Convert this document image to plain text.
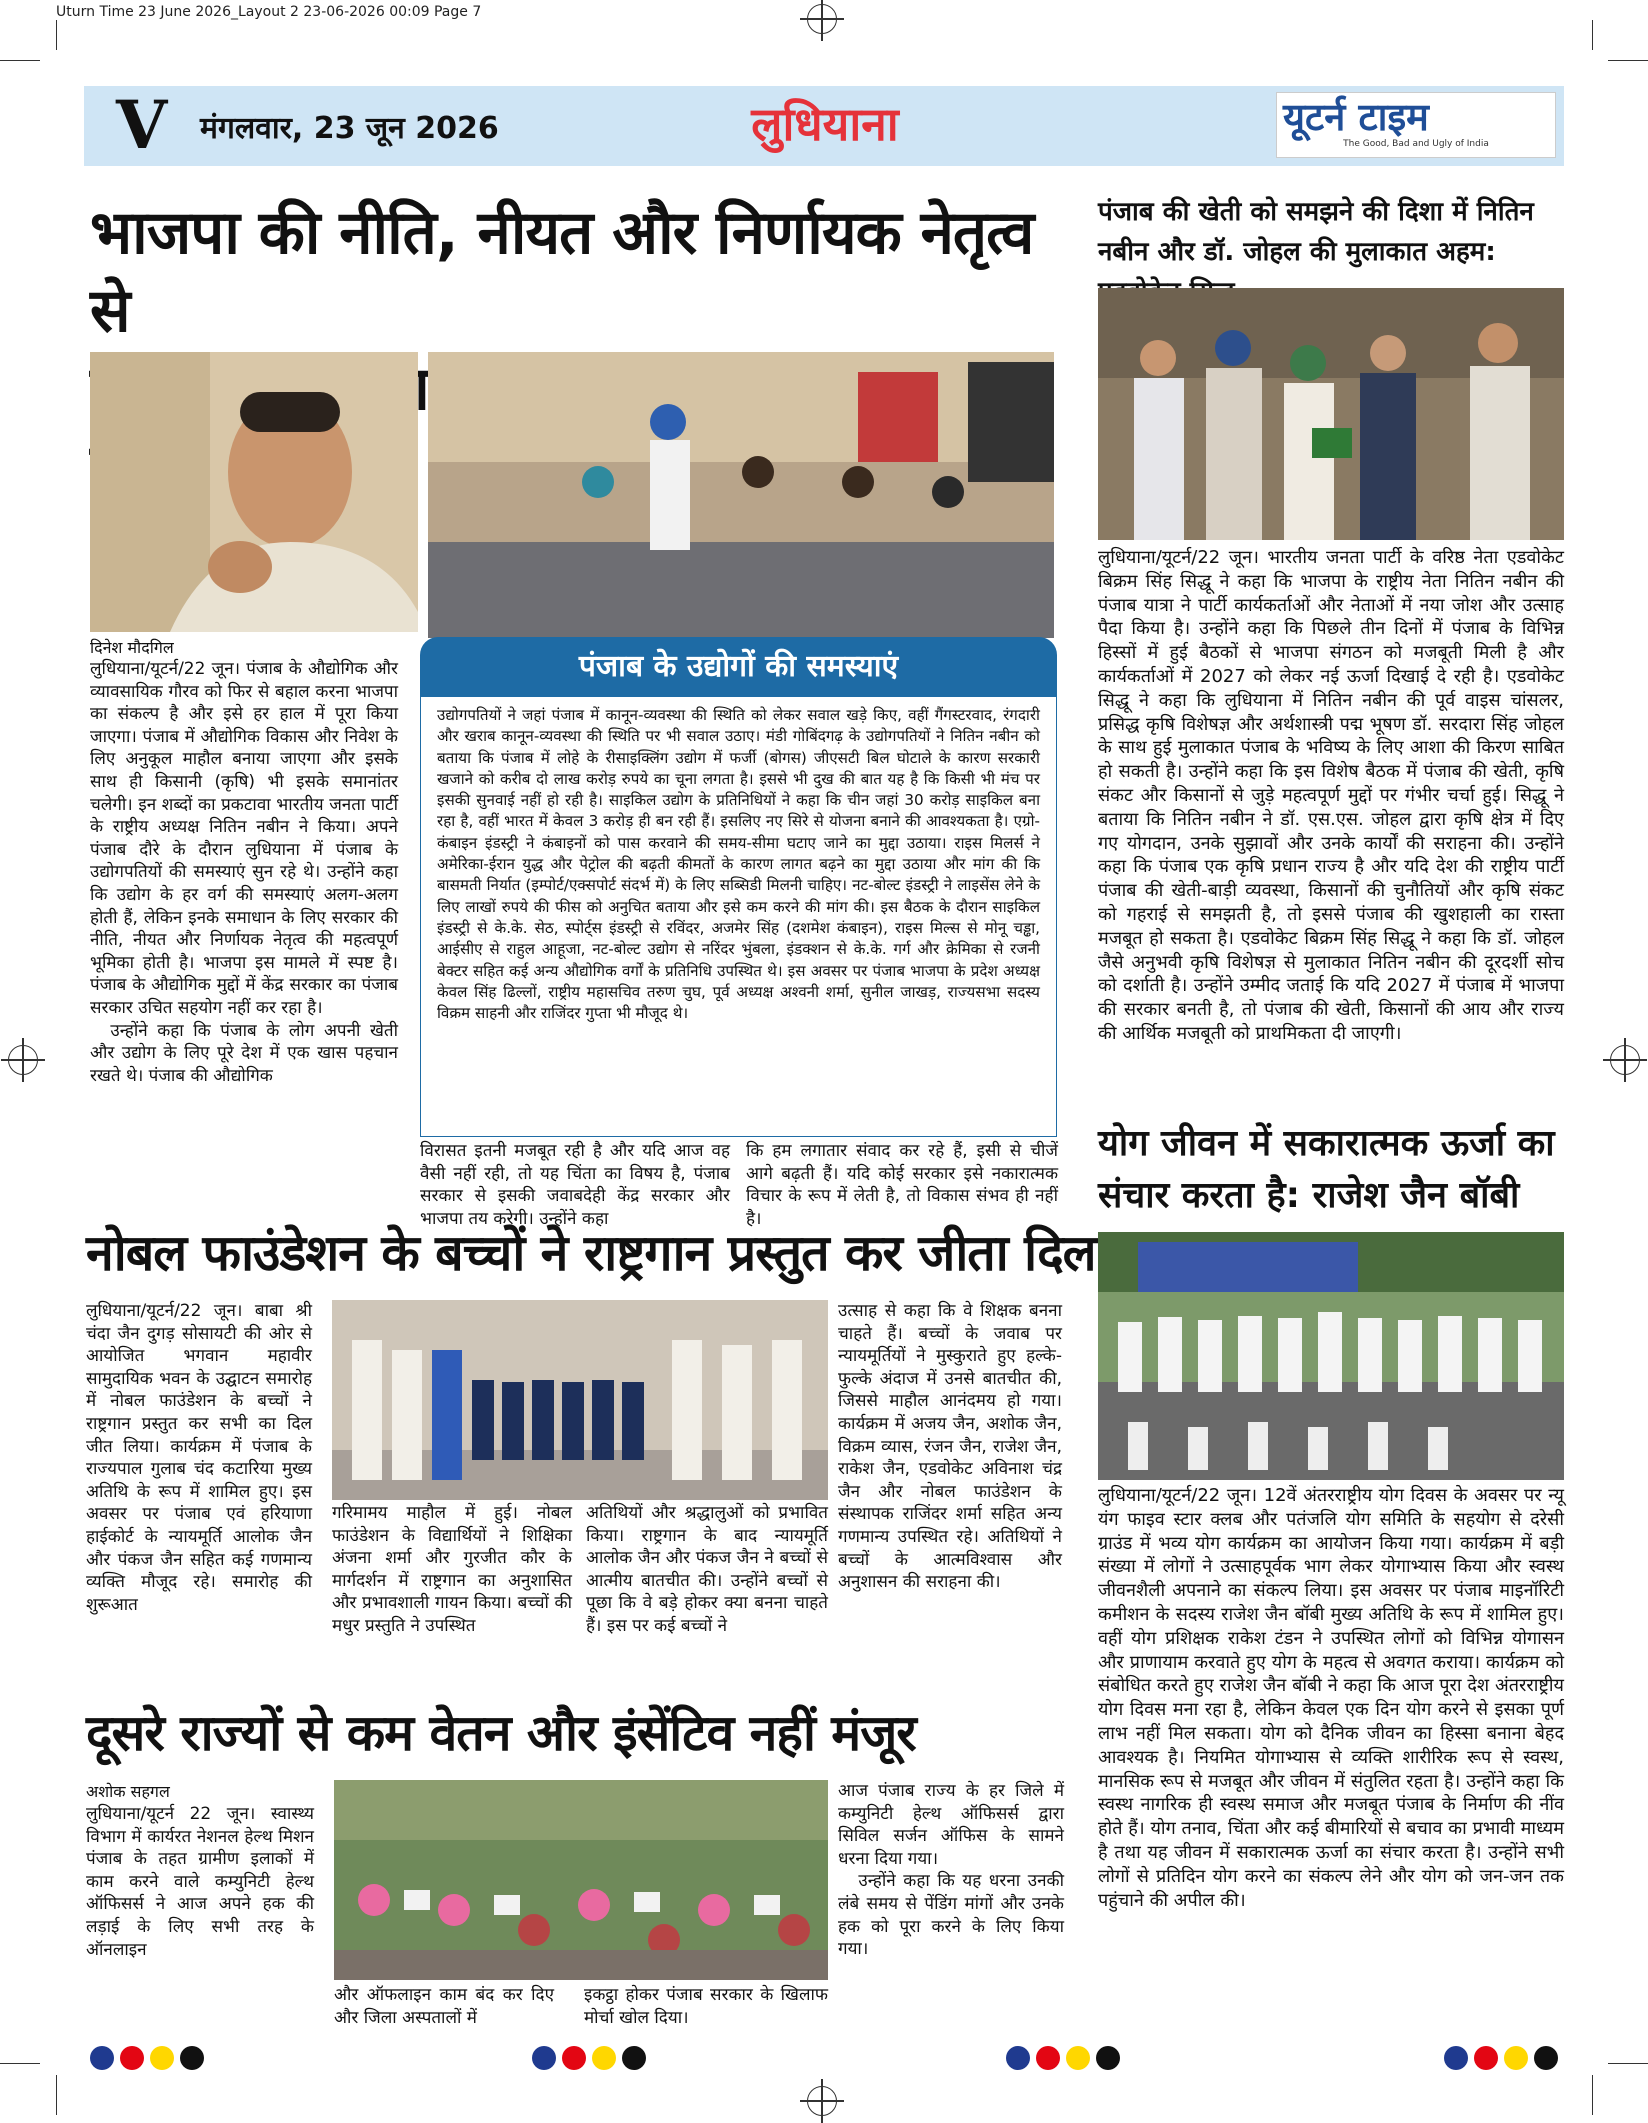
Uturn Time 23 June 2026_Layout 2 23-06-2026 00:09 Page 7
V मंगलवार, 23 जून 2026	लुधियाना	यूटर्न टाइम
The Good, Bad and Ugly of India
भाजपा की नीति, नीयत और निर्णायक नेतृत्व से
दिनेश मौदगिल

लुधियाना/यूटर्न/22 जून। पंजाब के औद्योगिक और व्यावसायिक गौरव को फिर से बहाल करना भाजपा का संकल्प है और इसे हर हाल में पूरा किया जाएगा। पंजाब में औद्योगिक विकास और निवेश के लिए अनुकूल माहौल बनाया जाएगा और इसके साथ ही किसानी (कृषि) भी इसके समानांतर चलेगी। इन शब्दों का प्रकटावा भारतीय जनता पार्टी के राष्ट्रीय अध्यक्ष नितिन नबीन ने किया। अपने पंजाब दौरे के दौरान लुधियाना में पंजाब के उद्योगपतियों की समस्याएं सुन रहे थे। उन्होंने कहा कि उद्योग के हर वर्ग की समस्याएं अलग-अलग होती हैं, लेकिन इनके समाधान के लिए सरकार की नीति, नीयत और निर्णायक नेतृत्व की महत्वपूर्ण भूमिका होती है। भाजपा इस मामले में स्पष्ट है। पंजाब के औद्योगिक मुद्दों में केंद्र सरकार का पंजाब सरकार उचित सहयोग नहीं कर रहा है।

उन्होंने कहा कि पंजाब के लोग अपनी खेती और उद्योग के लिए पूरे देश में एक खास पहचान रखते थे। पंजाब की औद्योगिक

पंजाब के उद्योगों की समस्याएं
उद्योगपतियों ने जहां पंजाब में कानून-व्यवस्था की स्थिति को लेकर सवाल खड़े किए, वहीं गैंगस्टरवाद, रंगदारी और खराब कानून-व्यवस्था की स्थिति पर भी सवाल उठाए। मंडी गोबिंदगढ़ के उद्योगपतियों ने नितिन नबीन को बताया कि पंजाब में लोहे के रीसाइक्लिंग उद्योग में फर्जी (बोगस) जीएसटी बिल घोटाले के कारण सरकारी खजाने को करीब दो लाख करोड़ रुपये का चूना लगता है। इससे भी दुख की बात यह है कि किसी भी मंच पर इसकी सुनवाई नहीं हो रही है। साइकिल उद्योग के प्रतिनिधियों ने कहा कि चीन जहां 30 करोड़ साइकिल बना रहा है, वहीं भारत में केवल 3 करोड़ ही बन रही हैं। इसलिए नए सिरे से योजना बनाने की आवश्यकता है। एग्रो-कंबाइन इंडस्ट्री ने कंबाइनों को पास करवाने की समय-सीमा घटाए जाने का मुद्दा उठाया। राइस मिलर्स ने अमेरिका-ईरान युद्ध और पेट्रोल की बढ़ती कीमतों के कारण लागत बढ़ने का मुद्दा उठाया और मांग की कि बासमती निर्यात (इम्पोर्ट/एक्सपोर्ट संदर्भ में) के लिए सब्सिडी मिलनी चाहिए। नट-बोल्ट इंडस्ट्री ने लाइसेंस लेने के लिए लाखों रुपये की फीस को अनुचित बताया और इसे कम करने की मांग की। इस बैठक के दौरान साइकिल इंडस्ट्री से के.के. सेठ, स्पोर्ट्स इंडस्ट्री से रविंदर, अजमेर सिंह (दशमेश कंबाइन), राइस मिल्स से मोनू चड्ढा, आईसीए से राहुल आहूजा, नट-बोल्ट उद्योग से नरिंदर भुंबला, इंडक्शन से के.के. गर्ग और क्रेमिका से रजनी बेक्टर सहित कई अन्य औद्योगिक वर्गों के प्रतिनिधि उपस्थित थे। इस अवसर पर पंजाब भाजपा के प्रदेश अध्यक्ष केवल सिंह ढिल्लों, राष्ट्रीय महासचिव तरुण चुघ, पूर्व अध्यक्ष अश्वनी शर्मा, सुनील जाखड़, राज्यसभा सदस्य विक्रम साहनी और राजिंदर गुप्ता भी मौजूद थे।
विरासत इतनी मजबूत रही है और यदि आज वह वैसी नहीं रही, तो यह चिंता का विषय है, पंजाब सरकार से इसकी जवाबदेही केंद्र सरकार और भाजपा तय करेगी। उन्होंने कहा
कि हम लगातार संवाद कर रहे हैं, इसी से चीजें आगे बढ़ती हैं। यदि कोई सरकार इसे नकारात्मक विचार के रूप में लेती है, तो विकास संभव ही नहीं है।
पंजाब की खेती को समझने की दिशा में नितिन नबीन और डॉ. जोहल की मुलाकात अहम:
लुधियाना/यूटर्न/22 जून। भारतीय जनता पार्टी के वरिष्ठ नेता एडवोकेट बिक्रम सिंह सिद्धू ने कहा कि भाजपा के राष्ट्रीय नेता नितिन नबीन की पंजाब यात्रा ने पार्टी कार्यकर्ताओं और नेताओं में नया जोश और उत्साह पैदा किया है। उन्होंने कहा कि पिछले तीन दिनों में पंजाब के विभिन्न हिस्सों में हुई बैठकों से भाजपा संगठन को मजबूती मिली है और कार्यकर्ताओं में 2027 को लेकर नई ऊर्जा दिखाई दे रही है। एडवोकेट सिद्धू ने कहा कि लुधियाना में नितिन नबीन की पूर्व वाइस चांसलर, प्रसिद्ध कृषि विशेषज्ञ और अर्थशास्त्री पद्म भूषण डॉ. सरदारा सिंह जोहल के साथ हुई मुलाकात पंजाब के भविष्य के लिए आशा की किरण साबित हो सकती है। उन्होंने कहा कि इस विशेष बैठक में पंजाब की खेती, कृषि संकट और किसानों से जुड़े महत्वपूर्ण मुद्दों पर गंभीर चर्चा हुई। सिद्धू ने बताया कि नितिन नबीन ने डॉ. एस.एस. जोहल द्वारा कृषि क्षेत्र में दिए गए योगदान, उनके सुझावों और उनके कार्यों की सराहना की। उन्होंने कहा कि पंजाब एक कृषि प्रधान राज्य है और यदि देश की राष्ट्रीय पार्टी पंजाब की खेती-बाड़ी व्यवस्था, किसानों की चुनौतियों और कृषि संकट को गहराई से समझती है, तो इससे पंजाब की खुशहाली का रास्ता मजबूत हो सकता है। एडवोकेट बिक्रम सिंह सिद्धू ने कहा कि डॉ. जोहल जैसे अनुभवी कृषि विशेषज्ञ से मुलाकात नितिन नबीन की दूरदर्शी सोच को दर्शाती है। उन्होंने उम्मीद जताई कि यदि 2027 में पंजाब में भाजपा की सरकार बनती है, तो पंजाब की खेती, किसानों की आय और राज्य की आर्थिक मजबूती को प्राथमिकता दी जाएगी।
योग जीवन में सकारात्मक ऊर्जा का संचार करता है: राजेश जैन बॉबी
लुधियाना/यूटर्न/22 जून। 12वें अंतरराष्ट्रीय योग दिवस के अवसर पर न्यू यंग फाइव स्टार क्लब और पतंजलि योग समिति के सहयोग से दरेसी ग्राउंड में भव्य योग कार्यक्रम का आयोजन किया गया। कार्यक्रम में बड़ी संख्या में लोगों ने उत्साहपूर्वक भाग लेकर योगाभ्यास किया और स्वस्थ जीवनशैली अपनाने का संकल्प लिया। इस अवसर पर पंजाब माइनॉरिटी कमीशन के सदस्य राजेश जैन बॉबी मुख्य अतिथि के रूप में शामिल हुए। वहीं योग प्रशिक्षक राकेश टंडन ने उपस्थित लोगों को विभिन्न योगासन और प्राणायाम करवाते हुए योग के महत्व से अवगत कराया। कार्यक्रम को संबोधित करते हुए राजेश जैन बॉबी ने कहा कि आज पूरा देश अंतरराष्ट्रीय योग दिवस मना रहा है, लेकिन केवल एक दिन योग करने से इसका पूर्ण लाभ नहीं मिल सकता। योग को दैनिक जीवन का हिस्सा बनाना बेहद आवश्यक है। नियमित योगाभ्यास से व्यक्ति शारीरिक रूप से स्वस्थ, मानसिक रूप से मजबूत और जीवन में संतुलित रहता है। उन्होंने कहा कि स्वस्थ नागरिक ही स्वस्थ समाज और मजबूत पंजाब के निर्माण की नींव होते हैं। योग तनाव, चिंता और कई बीमारियों से बचाव का प्रभावी माध्यम है तथा यह जीवन में सकारात्मक ऊर्जा का संचार करता है। उन्होंने सभी लोगों से प्रतिदिन योग करने का संकल्प लेने और योग को जन-जन तक पहुंचाने की अपील की।
नोबल फाउंडेशन के बच्चों ने राष्ट्रगान प्रस्तुत कर जीता दिल
लुधियाना/यूटर्न/22 जून। बाबा श्री चंदा जैन दुगड़ सोसायटी की ओर से आयोजित भगवान महावीर सामुदायिक भवन के उद्घाटन समारोह में नोबल फाउंडेशन के बच्चों ने राष्ट्रगान प्रस्तुत कर सभी का दिल जीत लिया। कार्यक्रम में पंजाब के राज्यपाल गुलाब चंद कटारिया मुख्य अतिथि के रूप में शामिल हुए। इस अवसर पर पंजाब एवं हरियाणा हाईकोर्ट के न्यायमूर्ति आलोक जैन और पंकज जैन सहित कई गणमान्य व्यक्ति मौजूद रहे। समारोह की शुरूआत
गरिमामय माहौल में हुई। नोबल फाउंडेशन के विद्यार्थियों ने शिक्षिका अंजना शर्मा और गुरजीत कौर के मार्गदर्शन में राष्ट्रगान का अनुशासित और प्रभावशाली गायन किया। बच्चों की मधुर प्रस्तुति ने उपस्थित
अतिथियों और श्रद्धालुओं को प्रभावित किया। राष्ट्रगान के बाद न्यायमूर्ति आलोक जैन और पंकज जैन ने बच्चों से आत्मीय बातचीत की। उन्होंने बच्चों से पूछा कि वे बड़े होकर क्या बनना चाहते हैं। इस पर कई बच्चों ने
उत्साह से कहा कि वे शिक्षक बनना चाहते हैं। बच्चों के जवाब पर न्यायमूर्तियों ने मुस्कुराते हुए हल्के-फुल्के अंदाज में उनसे बातचीत की, जिससे माहौल आनंदमय हो गया। कार्यक्रम में अजय जैन, अशोक जैन, विक्रम व्यास, रंजन जैन, राजेश जैन, राकेश जैन, एडवोकेट अविनाश चंद्र जैन और नोबल फाउंडेशन के संस्थापक राजिंदर शर्मा सहित अन्य गणमान्य उपस्थित रहे। अतिथियों ने बच्चों के आत्मविश्वास और अनुशासन की सराहना की।
दूसरे राज्यों से कम वेतन और इंसेंटिव नहीं मंजूर
अशोक सहगल
लुधियाना/यूटर्न 22 जून। स्वास्थ्य विभाग में कार्यरत नेशनल हेल्थ मिशन पंजाब के तहत ग्रामीण इलाकों में काम करने वाले कम्युनिटी हेल्थ ऑफिसर्स ने आज अपने हक की लड़ाई के लिए सभी तरह के ऑनलाइन
और ऑफलाइन काम बंद कर दिए और जिला अस्पतालों में
इकट्ठा होकर पंजाब सरकार के खिलाफ मोर्चा खोल दिया।

आज पंजाब राज्य के हर जिले में कम्युनिटी हेल्थ ऑफिसर्स द्वारा सिविल सर्जन ऑफिस के सामने धरना दिया गया।

उन्होंने कहा कि यह धरना उनकी लंबे समय से पेंडिंग मांगों और उनके हक को पूरा करने के लिए किया गया।
